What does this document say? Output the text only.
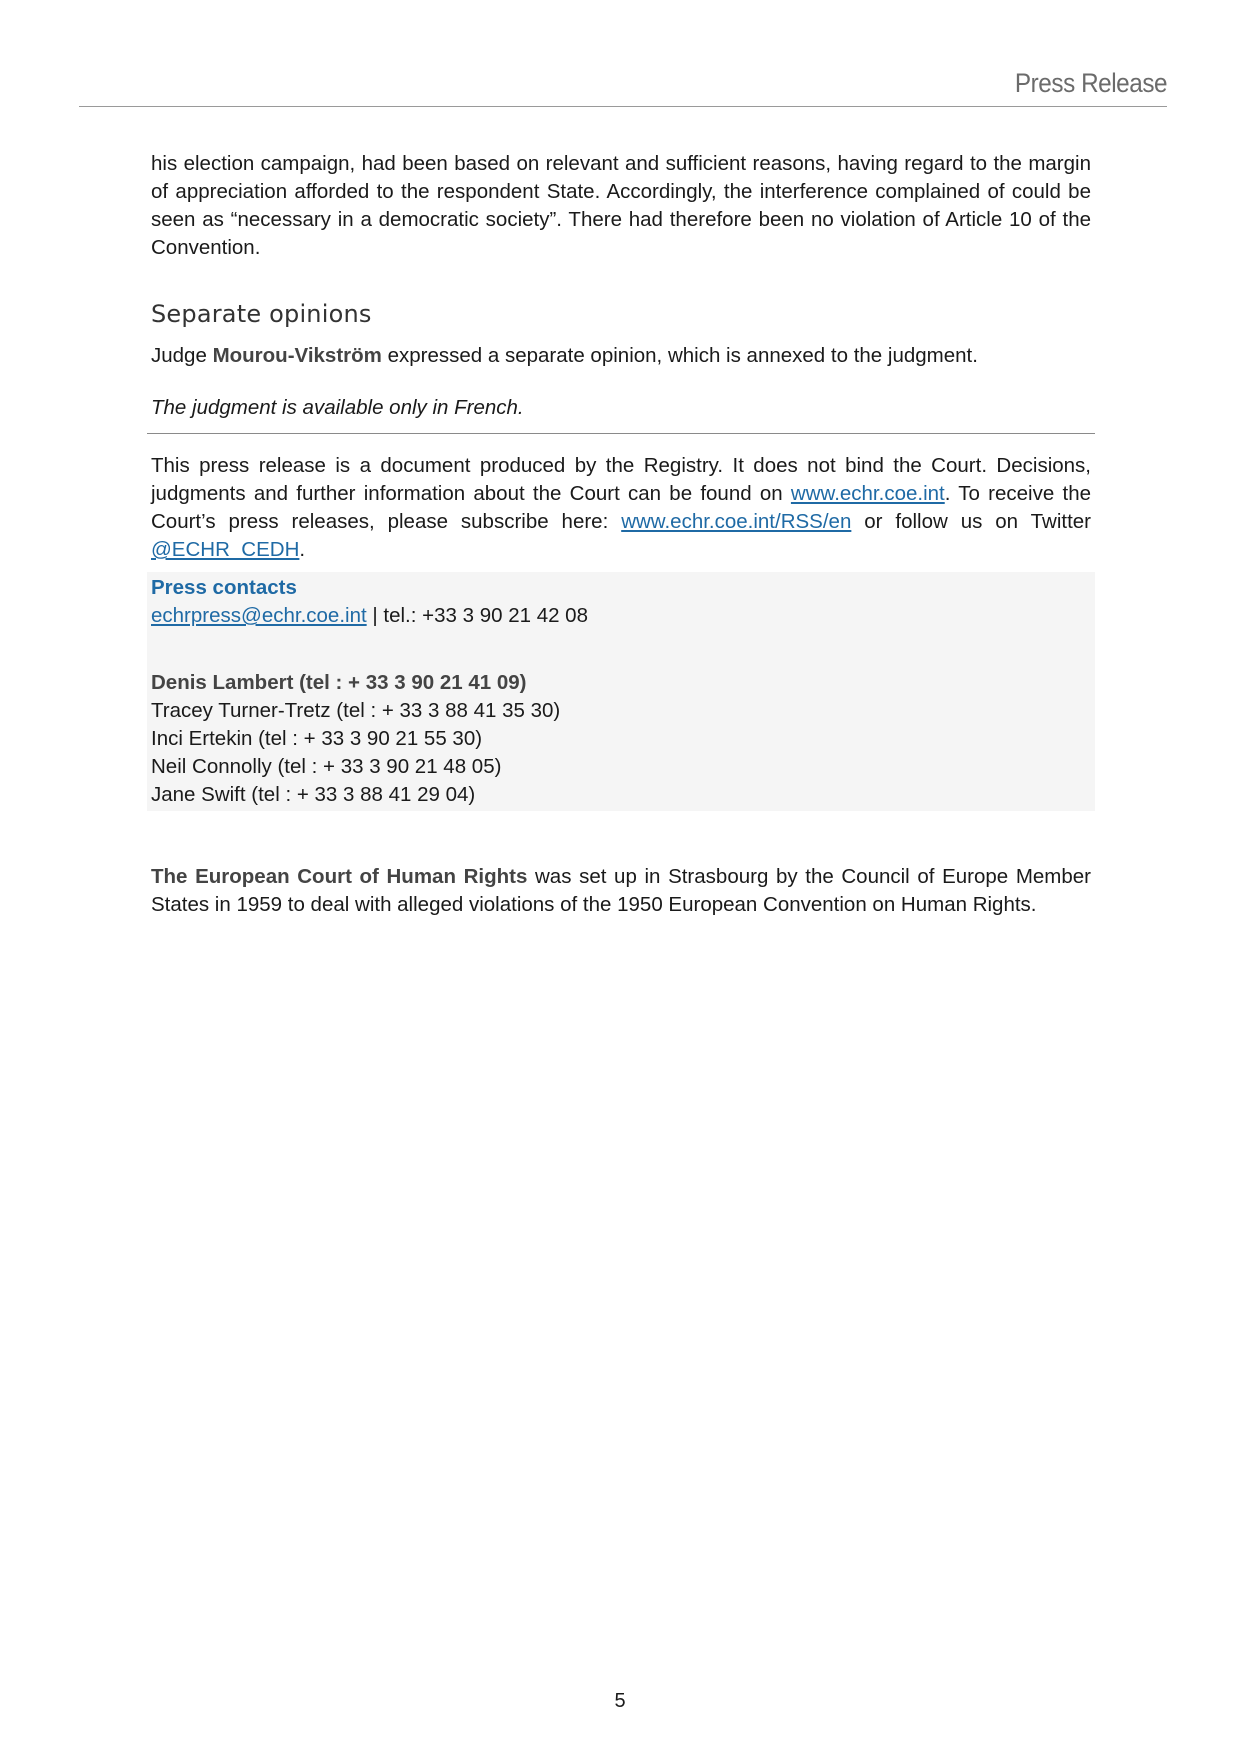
Press Release

his election campaign, had been based on relevant and sufficient reasons, having regard to the margin of appreciation afforded to the respondent State. Accordingly, the interference complained of could be seen as “necessary in a democratic society”. There had therefore been no violation of Article 10 of the Convention.

Separate opinions

Judge Mourou-Vikström expressed a separate opinion, which is annexed to the judgment.

The judgment is available only in French.

This press release is a document produced by the Registry. It does not bind the Court. Decisions, judgments and further information about the Court can be found on www.echr.coe.int. To receive the Court’s press releases, please subscribe here: www.echr.coe.int/RSS/en or follow us on Twitter @ECHR_CEDH.

Press contacts
echrpress@echr.coe.int | tel.: +33 3 90 21 42 08
Denis Lambert (tel : + 33 3 90 21 41 09)
Tracey Turner-Tretz (tel : + 33 3 88 41 35 30)
Inci Ertekin (tel : + 33 3 90 21 55 30)
Neil Connolly (tel : + 33 3 90 21 48 05)
Jane Swift (tel : + 33 3 88 41 29 04)

The European Court of Human Rights was set up in Strasbourg by the Council of Europe Member States in 1959 to deal with alleged violations of the 1950 European Convention on Human Rights.

5
